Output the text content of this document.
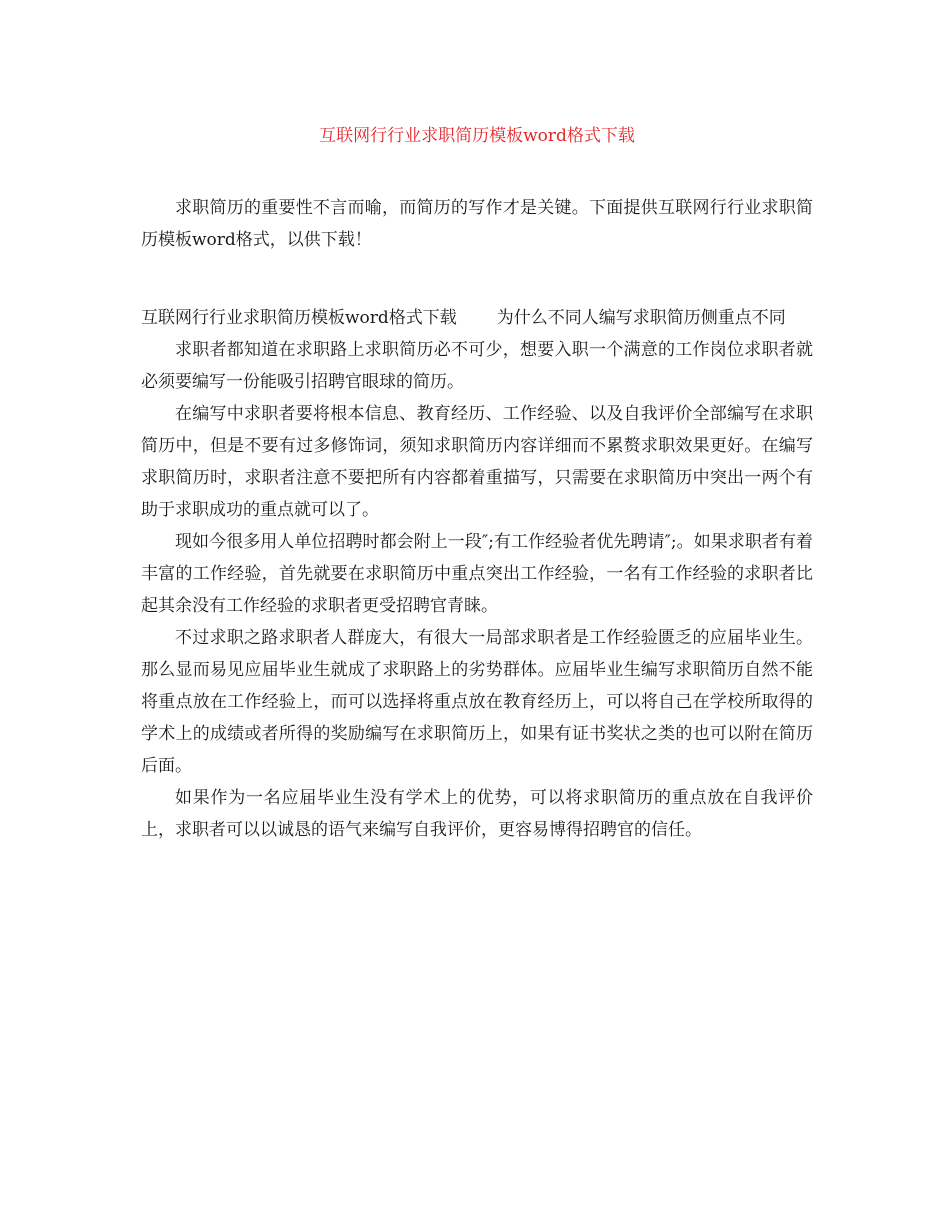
互联网行行业求职简历模板word格式下载

求职简历的重要性不言而喻，而简历的写作才是关键。下面提供互联网行行业求职简历模板word格式，以供下载！

互联网行行业求职简历模板word格式下载 为什么不同人编写求职简历侧重点不同

求职者都知道在求职路上求职简历必不可少，想要入职一个满意的工作岗位求职者就必须要编写一份能吸引招聘官眼球的简历。

在编写中求职者要将根本信息、教育经历、工作经验、以及自我评价全部编写在求职简历中，但是不要有过多修饰词，须知求职简历内容详细而不累赘求职效果更好。在编写求职简历时，求职者注意不要把所有内容都着重描写，只需要在求职简历中突出一两个有助于求职成功的重点就可以了。

现如今很多用人单位招聘时都会附上一段″;有工作经验者优先聘请″;。如果求职者有着丰富的工作经验，首先就要在求职简历中重点突出工作经验，一名有工作经验的求职者比起其余没有工作经验的求职者更受招聘官青睐。

不过求职之路求职者人群庞大，有很大一局部求职者是工作经验匮乏的应届毕业生。那么显而易见应届毕业生就成了求职路上的劣势群体。应届毕业生编写求职简历自然不能将重点放在工作经验上，而可以选择将重点放在教育经历上，可以将自己在学校所取得的学术上的成绩或者所得的奖励编写在求职简历上，如果有证书奖状之类的也可以附在简历后面。

如果作为一名应届毕业生没有学术上的优势，可以将求职简历的重点放在自我评价上，求职者可以以诚恳的语气来编写自我评价，更容易博得招聘官的信任。
